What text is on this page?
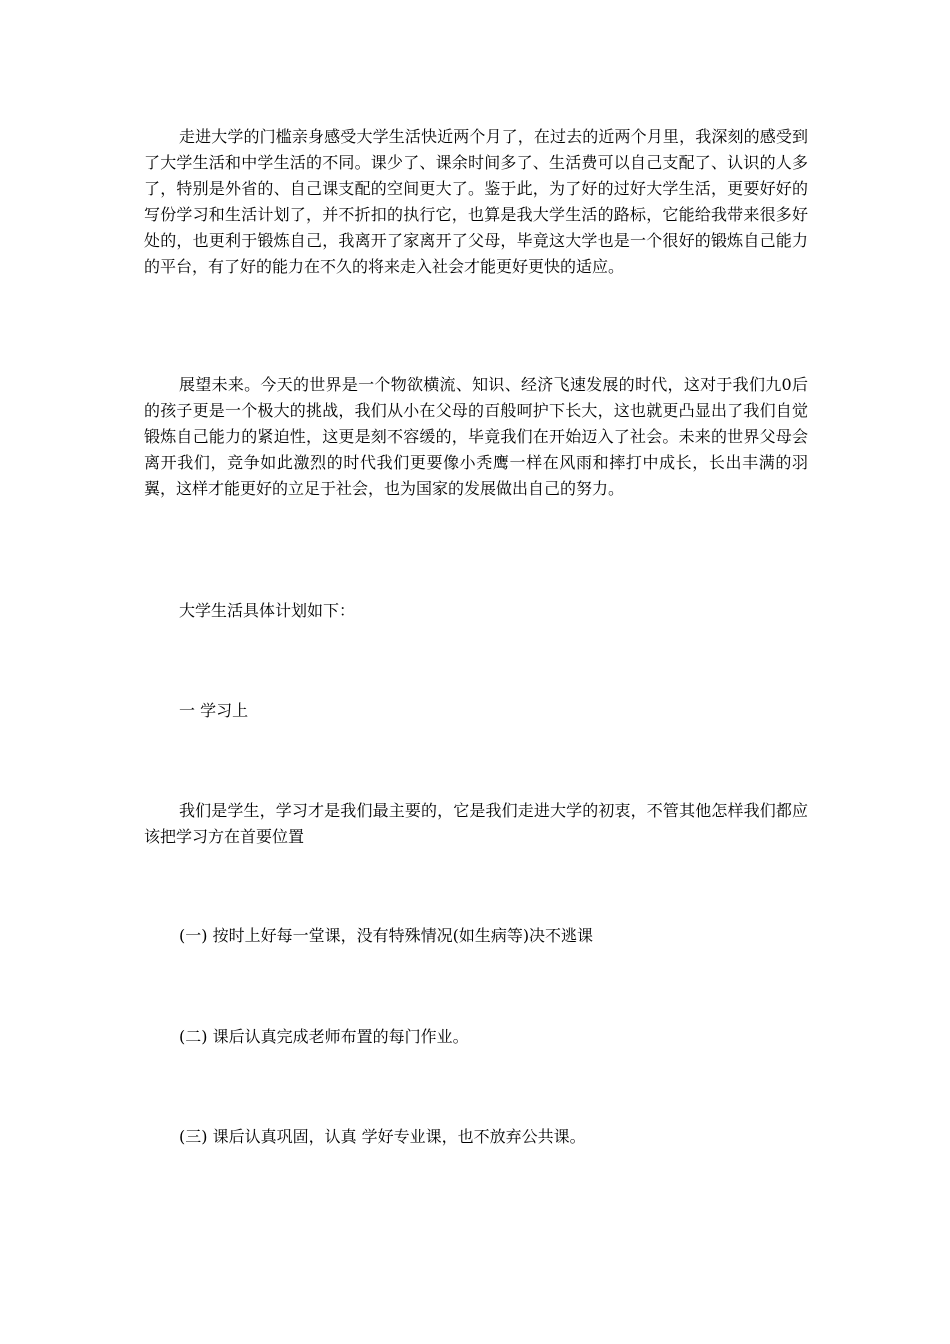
走进大学的门槛亲身感受大学生活快近两个月了，在过去的近两个月里，我深刻的感受到了大学生活和中学生活的不同。课少了、课余时间多了、生活费可以自己支配了、认识的人多了，特别是外省的、自己课支配的空间更大了。鉴于此，为了好的过好大学生活，更要好好的写份学习和生活计划了，并不折扣的执行它，也算是我大学生活的路标，它能给我带来很多好处的，也更利于锻炼自己，我离开了家离开了父母，毕竟这大学也是一个很好的锻炼自己能力的平台，有了好的能力在不久的将来走入社会才能更好更快的适应。

展望未来。今天的世界是一个物欲横流、知识、经济飞速发展的时代，这对于我们九0后的孩子更是一个极大的挑战，我们从小在父母的百般呵护下长大，这也就更凸显出了我们自觉锻炼自己能力的紧迫性，这更是刻不容缓的，毕竟我们在开始迈入了社会。未来的世界父母会离开我们，竞争如此激烈的时代我们更要像小秃鹰一样在风雨和摔打中成长，长出丰满的羽翼，这样才能更好的立足于社会，也为国家的发展做出自己的努力。

大学生活具体计划如下：

一 学习上

我们是学生，学习才是我们最主要的，它是我们走进大学的初衷，不管其他怎样我们都应该把学习方在首要位置

(一) 按时上好每一堂课，没有特殊情况(如生病等)决不逃课

(二) 课后认真完成老师布置的每门作业。

(三) 课后认真巩固，认真 学好专业课，也不放弃公共课。
